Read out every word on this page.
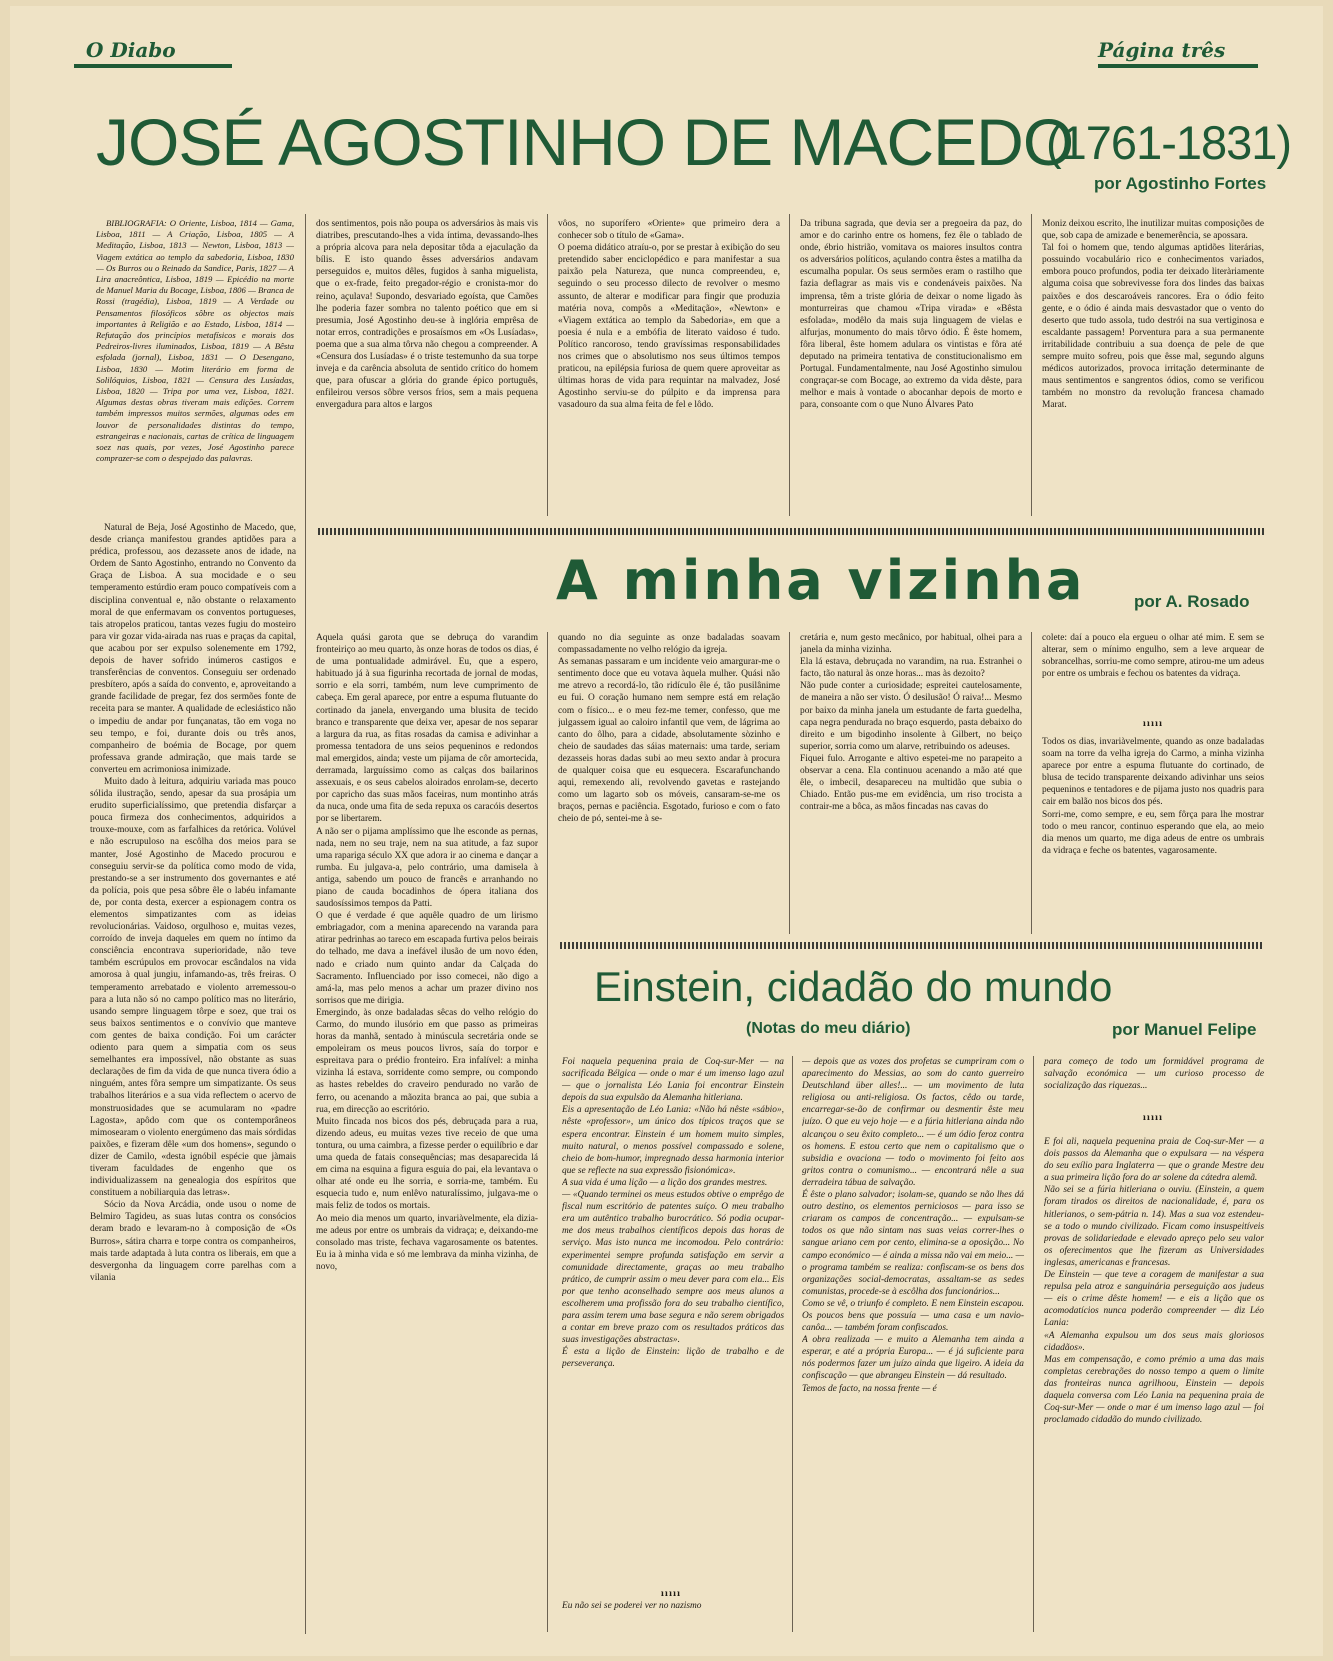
O Diabo	Página três
JOSÉ AGOSTINHO DE MACEDO
(1761-1831)
por Agostinho Fortes
BIBLIOGRAFIA: O Oriente, Lisboa, 1814 — Gama, Lisboa, 1811 — A Criação, Lisboa, 1805 — A Meditação, Lisboa, 1813 — Newton, Lisboa, 1813 — Viagem extática ao templo da sabedoria, Lisboa, 1830 — Os Burros ou o Reinado da Sandice, Paris, 1827 — A Lira anacreôntica, Lisboa, 1819 — Epicédio na morte de Manuel Maria du Bocage, Lisboa, 1806 — Branca de Rossi (tragédia), Lisboa, 1819 — A Verdade ou Pensamentos filosóficos sôbre os objectos mais importantes à Religião e ao Estado, Lisboa, 1814 — Refutação dos princípios metafísicos e morais dos Pedreiros-livres iluminados, Lisboa, 1819 — A Bêsta esfolada (jornal), Lisboa, 1831 — O Desengano, Lisboa, 1830 — Motim literário em forma de Solilóquios, Lisboa, 1821 — Censura des Lusíadas, Lisboa, 1820 — Tripa por uma vez, Lisboa, 1821. Algumas destas obras tiveram mais edições. Correm também impressos muitos sermões, algumas odes em louvor de personalidades distintas do tempo, estrangeiras e nacionais, cartas de crítica de linguagem soez nas quais, por vezes, José Agostinho parece comprazer-se com o despejado das palavras.

Natural de Beja, José Agostinho de Macedo, que, desde criança manifestou grandes aptidões para a prédica, professou, aos dezassete anos de idade, na Ordem de Santo Agostinho, entrando no Convento da Graça de Lisboa. A sua mocidade e o seu temperamento estúrdio eram pouco compatíveis com a disciplina conventual e, não obstante o relaxamento moral de que enfermavam os conventos portugueses, tais atropelos praticou, tantas vezes fugiu do mosteiro para vir gozar vida-airada nas ruas e praças da capital, que acabou por ser expulso solenemente em 1792, depois de haver sofrido inúmeros castigos e transferências de conventos. Conseguiu ser ordenado presbítero, após a saída do convento, e, aproveitando a grande facilidade de pregar, fez dos sermões fonte de receita para se manter. A qualidade de eclesiástico não o impediu de andar por funçanatas, tão em voga no seu tempo, e foi, durante dois ou três anos, companheiro de boémia de Bocage, por quem professava grande admiração, que mais tarde se converteu em acrimoniosa inimizade.

Muito dado à leitura, adquiriu variada mas pouco sólida ilustração, sendo, apesar da sua prosápia um erudito superficialíssimo, que pretendia disfarçar a pouca firmeza dos conhecimentos, adquiridos a trouxe-mouxe, com as farfalhices da retórica. Volúvel e não escrupuloso na escôlha dos meios para se manter, José Agostinho de Macedo procurou e conseguiu servir-se da política como modo de vida, prestando-se a ser instrumento dos governantes e até da polícia, pois que pesa sôbre êle o labéu infamante de, por conta desta, exercer a espionagem contra os elementos simpatizantes com as ideias revolucionárias. Vaidoso, orgulhoso e, muitas vezes, corroído de inveja daqueles em quem no íntimo da consciência encontrava superioridade, não teve também escrúpulos em provocar escândalos na vida amorosa à qual jungiu, infamando-as, três freiras. O temperamento arrebatado e violento arremessou-o para a luta não só no campo político mas no literário, usando sempre linguagem tôrpe e soez, que trai os seus baixos sentimentos e o convívio que manteve com gentes de baixa condição. Foi um carácter odiento para quem a simpatia com os seus semelhantes era impossível, não obstante as suas declarações de fim da vida de que nunca tivera ódio a ninguém, antes fôra sempre um simpatizante. Os seus trabalhos literários e a sua vida reflectem o acervo de monstruosidades que se acumularam no «padre Lagosta», apôdo com que os contemporâneos mimosearam o violento energúmeno das mais sórdidas paixões, e fizeram dêle «um dos homens», segundo o dizer de Camilo, «desta ignóbil espécie que jàmais tiveram faculdades de engenho que os individualizassem na genealogia dos espíritos que constituem a nobiliarquia das letras».

Sócio da Nova Arcádia, onde usou o nome de Belmiro Tagideu, as suas lutas contra os consócios deram brado e levaram-no à composição de «Os Burros», sátira charra e torpe contra os companheiros, mais tarde adaptada à luta contra os liberais, em que a desvergonha da linguagem corre parelhas com a vilania

dos sentimentos, pois não poupa os adversários às mais vis diatribes, prescutando-lhes a vida íntima, devassando-lhes a própria alcova para nela depositar tôda a ejaculação da bílis. E isto quando êsses adversários andavam perseguidos e, muitos dêles, fugidos à sanha miguelista, que o ex-frade, feito pregador-régio e cronista-mor do reino, açulava! Supondo, desvariado egoísta, que Camões lhe poderia fazer sombra no talento poético que em si presumia, José Agostinho deu-se à inglória emprêsa de notar erros, contradições e prosaísmos em «Os Lusíadas», poema que a sua alma tôrva não chegou a compreender. A «Censura dos Lusíadas» é o triste testemunho da sua torpe inveja e da carência absoluta de sentido crítico do homem que, para ofuscar a glória do grande épico português, enfileirou versos sôbre versos frios, sem a mais pequena envergadura para altos e largos
vôos, no suporífero «Oriente» que primeiro dera a conhecer sob o título de «Gama».
O poema didático atraíu-o, por se prestar à exibição do seu pretendido saber enciclopédico e para manifestar a sua paixão pela Natureza, que nunca compreendeu, e, seguindo o seu processo dilecto de revolver o mesmo assunto, de alterar e modificar para fingir que produzia matéria nova, compôs a «Meditação», «Newton» e «Viagem extática ao templo da Sabedoria», em que a poesia é nula e a embófia de literato vaidoso é tudo. Político rancoroso, tendo gravíssimas responsabilidades nos crimes que o absolutismo nos seus últimos tempos praticou, na epilépsia furiosa de quem quere aproveitar as últimas horas de vida para requintar na malvadez, José Agostinho serviu-se do púlpito e da imprensa para vasadouro da sua alma feita de fel e lôdo.
Da tribuna sagrada, que devia ser a pregoeira da paz, do amor e do carinho entre os homens, fez êle o tablado de onde, ébrio histrião, vomitava os maiores insultos contra os adversários políticos, açulando contra êstes a matilha da escumalha popular. Os seus sermões eram o rastilho que fazia deflagrar as mais vis e condenáveis paixões. Na imprensa, têm a triste glória de deixar o nome ligado às monturreiras que chamou «Tripa virada» e «Bêsta esfolada», modêlo da mais suja linguagem de vielas e alfurjas, monumento do mais tôrvo ódio. É êste homem, fôra liberal, êste homem adulara os vintistas e fôra até deputado na primeira tentativa de constitucionalismo em Portugal. Fundamentalmente, nau José Agostinho simulou congraçar-se com Bocage, ao extremo da vida dêste, para melhor e mais à vontade o abocanhar depois de morto e para, consoante com o que Nuno Álvares Pato
Moniz deixou escrito, lhe inutilizar muitas composições de que, sob capa de amizade e benemerência, se apossara.
Tal foi o homem que, tendo algumas aptidões literárias, possuindo vocabulário rico e conhecimentos variados, embora pouco profundos, podia ter deixado literàriamente alguma coisa que sobrevivesse fora dos lindes das baixas paixões e dos descaroáveis rancores. Era o ódio feito gente, e o ódio é ainda mais desvastador que o vento do deserto que tudo assola, tudo destrói na sua vertiginosa e escaldante passagem! Porventura para a sua permanente irritabilidade contribuiu a sua doença de pele de que sempre muito sofreu, pois que êsse mal, segundo alguns médicos autorizados, provoca irritação determinante de maus sentimentos e sangrentos ódios, como se verificou também no monstro da revolução francesa chamado Marat.
A minha vizinha	por A. Rosado
Aquela quási garota que se debruça do varandim fronteiriço ao meu quarto, às onze horas de todos os dias, é de uma pontualidade admirável. Eu, que a espero, habituado já à sua figurinha recortada de jornal de modas, sorrio e ela sorri, também, num leve cumprimento de cabeça. Em geral aparece, por entre a espuma flutuante do cortinado da janela, envergando uma blusita de tecido branco e transparente que deixa ver, apesar de nos separar a largura da rua, as fitas rosadas da camisa e adivinhar a promessa tentadora de uns seios pequeninos e redondos mal emergidos, ainda; veste um pijama de côr amortecida, derramada, larguíssimo como as calças dos bailarinos assexuais, e os seus cabelos aloirados enrolam-se, decerto por capricho das suas mãos faceiras, num montinho atrás da nuca, onde uma fita de seda repuxa os caracóis desertos por se libertarem.
A não ser o pijama amplíssimo que lhe esconde as pernas, nada, nem no seu traje, nem na sua atitude, a faz supor uma rapariga século XX que adora ir ao cinema e dançar a rumba. Eu julgava-a, pelo contrário, uma damisela à antiga, sabendo um pouco de francês e arranhando no piano de cauda bocadinhos de ópera italiana dos saudosíssimos tempos da Patti.
O que é verdade é que aquêle quadro de um lirismo embriagador, com a menina aparecendo na varanda para atirar pedrinhas ao tareco em escapada furtiva pelos beirais do telhado, me dava a inefável ilusão de um novo éden, nado e criado num quinto andar da Calçada do Sacramento. Influenciado por isso comecei, não digo a amá-la, mas pelo menos a achar um prazer divino nos sorrisos que me dirigia.
Emergindo, às onze badaladas sêcas do velho relógio do Carmo, do mundo ilusório em que passo as primeiras horas da manhã, sentado à minúscula secretária onde se empoleiram os meus poucos livros, saía do torpor e espreitava para o prédio fronteiro. Era infalível: a minha vizinha lá estava, sorridente como sempre, ou compondo as hastes rebeldes do craveiro pendurado no varão de ferro, ou acenando a mãozita branca ao pai, que subia a rua, em direcção ao escritório.
Muito fincada nos bicos dos pés, debruçada para a rua, dizendo adeus, eu muitas vezes tive receio de que uma tontura, ou uma caimbra, a fizesse perder o equilíbrio e dar uma queda de fatais consequências; mas desaparecida lá em cima na esquina a figura esguia do pai, ela levantava o olhar até onde eu lhe sorria, e sorria-me, também. Eu esquecia tudo e, num enlêvo naturalíssimo, julgava-me o mais feliz de todos os mortais.
Ao meio dia menos um quarto, invariàvelmente, ela dizia-me adeus por entre os umbrais da vidraça; e, deixando-me consolado mas triste, fechava vagarosamente os batentes. Eu ia à minha vida e só me lembrava da minha vizinha, de novo,
quando no dia seguinte as onze badaladas soavam compassadamente no velho relógio da igreja.
As semanas passaram e um incidente veio amargurar-me o sentimento doce que eu votava àquela mulher. Quási não me atrevo a recordá-lo, tão ridículo êle é, tão pusilânime eu fui. O coração humano nem sempre está em relação com o físico... e o meu fez-me temer, confesso, que me julgassem igual ao caloiro infantil que vem, de lágrima ao canto do ôlho, para a cidade, absolutamente sòzinho e cheio de saudades das sáias maternais: uma tarde, seriam dezasseis horas dadas subi ao meu sexto andar à procura de qualquer coisa que eu esquecera. Escarafunchando aqui, remexendo ali, revolvendo gavetas e rastejando como um lagarto sob os móveis, cansaram-se-me os braços, pernas e paciência. Esgotado, furioso e com o fato cheio de pó, sentei-me à se-
cretária e, num gesto mecânico, por habitual, olhei para a janela da minha vizinha.
Ela lá estava, debruçada no varandim, na rua. Estranhei o facto, tão natural às onze horas... mas às dezoito?
Não pude conter a curiosidade; espreitei cautelosamente, de maneira a não ser visto. Ó desilusão! Ó raiva!... Mesmo por baixo da minha janela um estudante de farta guedelha, capa negra pendurada no braço esquerdo, pasta debaixo do direito e um bigodinho insolente à Gilbert, no beiço superior, sorria como um alarve, retribuindo os adeuses.
Fiquei fulo. Arrogante e altivo espetei-me no parapeito a observar a cena. Ela continuou acenando a mão até que êle, o imbecil, desapareceu na multidão que subia o Chiado. Então pus-me em evidência, um riso trocista a contrair-me a bôca, as mãos fincadas nas cavas do
colete: daí a pouco ela ergueu o olhar até mim. E sem se alterar, sem o mínimo engulho, sem a leve arquear de sobrancelhas, sorriu-me como sempre, atirou-me um adeus por entre os umbrais e fechou os batentes da vidraça.
ııııı
Todos os dias, invariàvelmente, quando as onze badaladas soam na torre da velha igreja do Carmo, a minha vizinha aparece por entre a espuma flutuante do cortinado, de blusa de tecido transparente deixando adivinhar uns seios pequeninos e tentadores e de pijama justo nos quadris para cair em balão nos bicos dos pés.
Sorri-me, como sempre, e eu, sem fôrça para lhe mostrar todo o meu rancor, continuo esperando que ela, ao meio dia menos um quarto, me diga adeus de entre os umbrais da vidraça e feche os batentes, vagarosamente.
Einstein, cidadão do mundo
(Notas do meu diário)	por Manuel Felipe
Foi naquela pequenina praia de Coq-sur-Mer — na sacrificada Bélgica — onde o mar é um imenso lago azul — que o jornalista Léo Lania foi encontrar Einstein depois da sua expulsão da Alemanha hitleriana.
Eis a apresentação de Léo Lania: «Não há nêste «sábio», nêste «professor», um único dos típicos traços que se espera encontrar. Einstein é um homem muito simples, muito natural, o menos possível compassado e solene, cheio de bom-humor, impregnado dessa harmonia interior que se reflecte na sua expressão fisionómica».
A sua vida é uma lição — a lição dos grandes mestres.
— «Quando terminei os meus estudos obtive o emprêgo de fiscal num escritório de patentes suíço. O meu trabalho era um autêntico trabalho burocrático. Só podia ocupar-me dos meus trabalhos científicos depois das horas de serviço. Mas isto nunca me incomodou. Pelo contrário: experimentei sempre profunda satisfação em servir a comunidade directamente, graças ao meu trabalho prático, de cumprir assim o meu dever para com ela... Eis por que tenho aconselhado sempre aos meus alunos a escolherem uma profissão fora do seu trabalho científico, para assim terem uma base segura e não serem obrigados a contar em breve prazo com os resultados práticos das suas investigações abstractas».
É esta a lição de Einstein: lição de trabalho e de perseverança.
ııııı
Eu não sei se poderei ver no nazismo
— depois que as vozes dos profetas se cumpriram com o aparecimento do Messias, ao som do canto guerreiro Deutschland über alles!... — um movimento de luta religiosa ou anti-religiosa. Os factos, cêdo ou tarde, encarregar-se-ão de confirmar ou desmentir êste meu juízo. O que eu vejo hoje — e a fúria hitleriana ainda não alcançou o seu êxito completo... — é um ódio feroz contra os homens. E estou certo que nem o capitalismo que o subsidia e ovaciona — todo o movimento foi feito aos gritos contra o comunismo... — encontrará nêle a sua derradeira tábua de salvação.
É êste o plano salvador; isolam-se, quando se não lhes dá outro destino, os elementos perniciosos — para isso se criaram os campos de concentração... — expulsam-se todos os que não sintam nas suas veias correr-lhes o sangue ariano cem por cento, elimina-se a oposição... No campo económico — é ainda a missa não vai em meio... — o programa também se realiza: confiscam-se os bens dos organizações social-democratas, assaltam-se as sedes comunistas, procede-se à escôlha dos funcionários...
Como se vê, o triunfo é completo. E nem Einstein escapou. Os poucos bens que possuía — uma casa e um navio-canôa... — também foram confiscados.
A obra realizada — e muito a Alemanha tem ainda a esperar, e até a própria Europa... — é já suficiente para nós podermos fazer um juízo ainda que ligeiro. A ideia da confiscação — que abrangeu Einstein — dá resultado.
Temos de facto, na nossa frente — é
para começo de todo um formidável programa de salvação económica — um curioso processo de socialização das riquezas...
ııııı
E foi ali, naquela pequenina praia de Coq-sur-Mer — a dois passos da Alemanha que o expulsara — na véspera do seu exílio para Inglaterra — que o grande Mestre deu a sua primeira lição fora do ar solene da cátedra alemã.
Não sei se a fúria hitleriana o ouviu. (Einstein, a quem foram tirados os direitos de nacionalidade, é, para os hitlerianos, o sem-pátria n. 14). Mas a sua voz estendeu-se a todo o mundo civilizado. Ficam como insuspeitíveis provas de solidariedade e elevado apreço pelo seu valor os oferecimentos que lhe fizeram as Universidades inglesas, americanas e francesas.
De Einstein — que teve a coragem de manifestar a sua repulsa pela atroz e sanguinária perseguição aos judeus — eis o crime dêste homem! — e eis a lição que os acomodatícios nunca poderão compreender — diz Léo Lania:
«A Alemanha expulsou um dos seus mais gloriosos cidadãos».
Mas em compensação, e como prémio a uma das mais completas cerebrações do nosso tempo a quem o limite das fronteiras nunca agrilhoou, Einstein — depois daquela conversa com Léo Lania na pequenina praia de Coq-sur-Mer — onde o mar é um imenso lago azul — foi proclamado cidadão do mundo civilizado.
